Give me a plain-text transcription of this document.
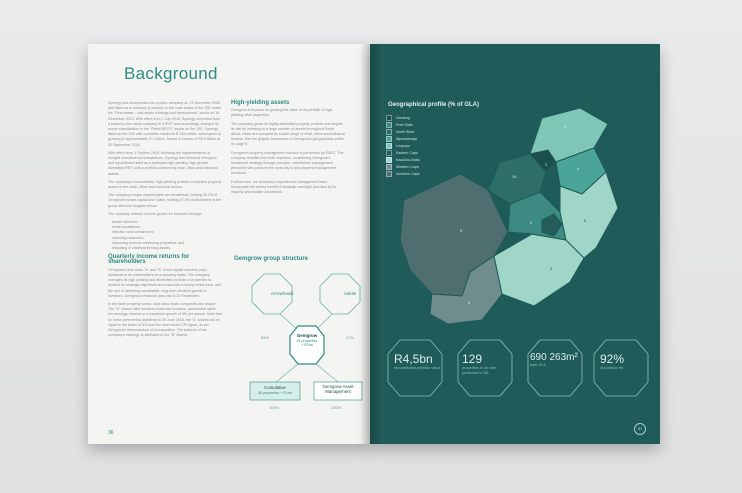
Background

Synergy was incorporated as a public company on 13 November 2006 and listed as a company (Lowveld) on the main board of the JSE under the "Real estate – real estate holdings and development" sector on 16 December 2013. With effect from 1 July 2015, Synergy converted from a property loan stock company to a REIT and accordingly changed its sector classification to the "Retail REITS" sector on the JSE. Synergy listed on the JSE with a portfolio valued at R 249 million, subsequent to growing to approximately R 1 billion, issued in excess of R6.6 billion at 30 September 2016.

With effect from 1 October 2016, following the implementation of multiple simultaneous transactions, Synergy had removed Gemgrow and repositioned itself as a specialist high yielding, high growth diversified REIT with a portfolio comprising retail, office and industrial assets.

The company's reconstituted, high-yielding portfolio comprises property assets in the retail, office and industrial sectors.

The company's major shareholders are Arrowhead, holding 55.2% of Gemgrow's share capital and Vukile, holding 27.4% as illustrated in the group structure diagram below.

The company delivers income growth for investors through:

tenant retention;
rental escalations;
effective cost containment;
reducing vacancies;
improving revenue enhancing properties; and
disposing of underperforming assets.
Quarterly income returns for shareholders

Gemgrow's dual class "A" and "B" share capital structure pays dividends to its shareholders on a quarterly basis. The company manages its high yielding and diversified portfolio of properties to achieve its strategic objectives and resources a strong rental base, with the aim of delivering sustainable, long-term dividend growth to investors. Gemgrow's financial year-end is 30 September.

In the listed property sector, dual class share companies are unique. The "A" shares offer investors fixed-rate incomes, preferential rights. No earnings, interest or a maximum growth of 5% per annum. Note that for these preferential dividends to 30 June 2016, the "A" shares will be equal to the lesser of 5% and the most recent CPI figure, as per Gemgrow's memorandum of incorporation. The balance of the company's earnings is attributed to the "B" shares.

High-yielding assets

Gemgrow is focused on growing the value of its portfolio of high-yielding retail properties.

The company grows its highly diversified property portfolio and targets its risk by investing in a large number of assets throughout South Africa, which are occupied by a wide range of retail, office and industrial tenants. See the graphic breakdown of Gemgrow's geographical profile on page 8.

Gemgrow's property management function is performed by ESEC. The company benefits from their expertise, considering Gemgrow's investment strategy through constant, incentivised management personnel who perform the most day to day property management functions.

Furthermore, the company's experienced management team incorporate the added benefit of strategic oversight provided by its majority shareholder Arrowhead.

Gemgrow group structure
Arrowhead	Vukile
55%	27%
Gemgrow
25 properties
+ R1bn
Cumulative
60 properties + R1bn
Gemgrow Asset
Management
100%	100%
36
Geographical profile (% of GLA)
Gauteng
Free State
North West
Mpumalanga
Limpopo
Eastern Cape
KwaZulu-Natal
Western Cape
Northern Cape
9
4
2
10
2
9
6
4
3
R4,5bn
reconstituted portfolio value
129
properties in all nine provinces in SA
690 263m²
total GLA	92%
of portfolio let
37
